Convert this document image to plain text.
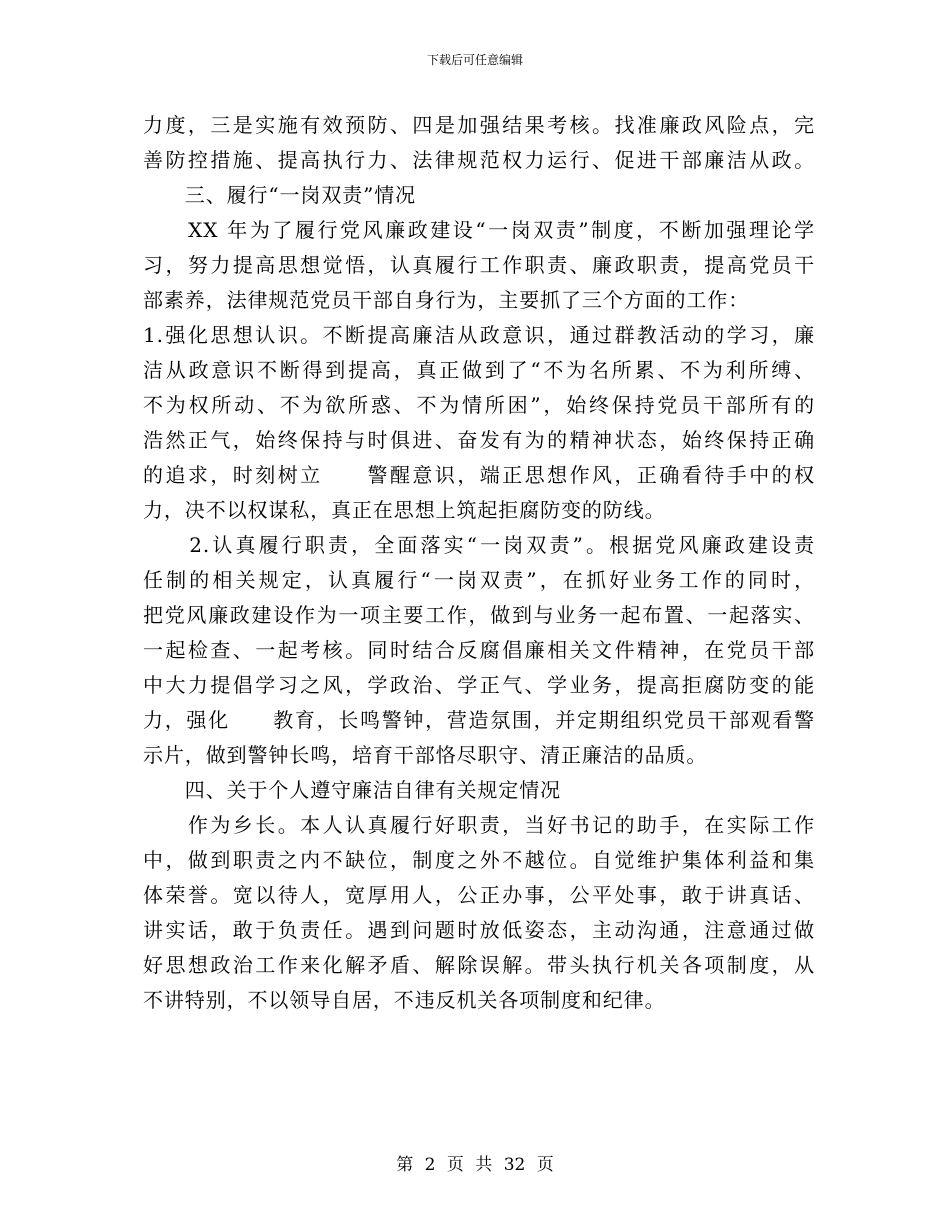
下载后可任意编辑
力度，三是实施有效预防、四是加强结果考核。找准廉政风险点，完
善防控措施、提高执行力、法律规范权力运行、促进干部廉洁从政。
　　三、履行“一岗双责”情况
　　XX 年为了履行党风廉政建设“一岗双责”制度，不断加强理论学
习，努力提高思想觉悟，认真履行工作职责、廉政职责，提高党员干
部素养，法律规范党员干部自身行为，主要抓了三个方面的工作：
1.强化思想认识。不断提高廉洁从政意识，通过群教活动的学习，廉
洁从政意识不断得到提高，真正做到了“不为名所累、不为利所缚、
不为权所动、不为欲所惑、不为情所困”，始终保持党员干部所有的
浩然正气，始终保持与时俱进、奋发有为的精神状态，始终保持正确
的追求，时刻树立　　警醒意识，端正思想作风，正确看待手中的权
力，决不以权谋私，真正在思想上筑起拒腐防变的防线。
　　2.认真履行职责，全面落实“一岗双责”。根据党风廉政建设责
任制的相关规定，认真履行“一岗双责”，在抓好业务工作的同时，
把党风廉政建设作为一项主要工作，做到与业务一起布置、一起落实、
一起检查、一起考核。同时结合反腐倡廉相关文件精神，在党员干部
中大力提倡学习之风，学政治、学正气、学业务，提高拒腐防变的能
力，强化　　教育，长鸣警钟，营造氛围，并定期组织党员干部观看警
示片，做到警钟长鸣，培育干部恪尽职守、清正廉洁的品质。
　　四、关于个人遵守廉洁自律有关规定情况
　　作为乡长。本人认真履行好职责，当好书记的助手，在实际工作
中，做到职责之内不缺位，制度之外不越位。自觉维护集体利益和集
体荣誉。宽以待人，宽厚用人，公正办事，公平处事，敢于讲真话、
讲实话，敢于负责任。遇到问题时放低姿态，主动沟通，注意通过做
好思想政治工作来化解矛盾、解除误解。带头执行机关各项制度，从
不讲特别，不以领导自居，不违反机关各项制度和纪律。
第 2 页 共 32 页
